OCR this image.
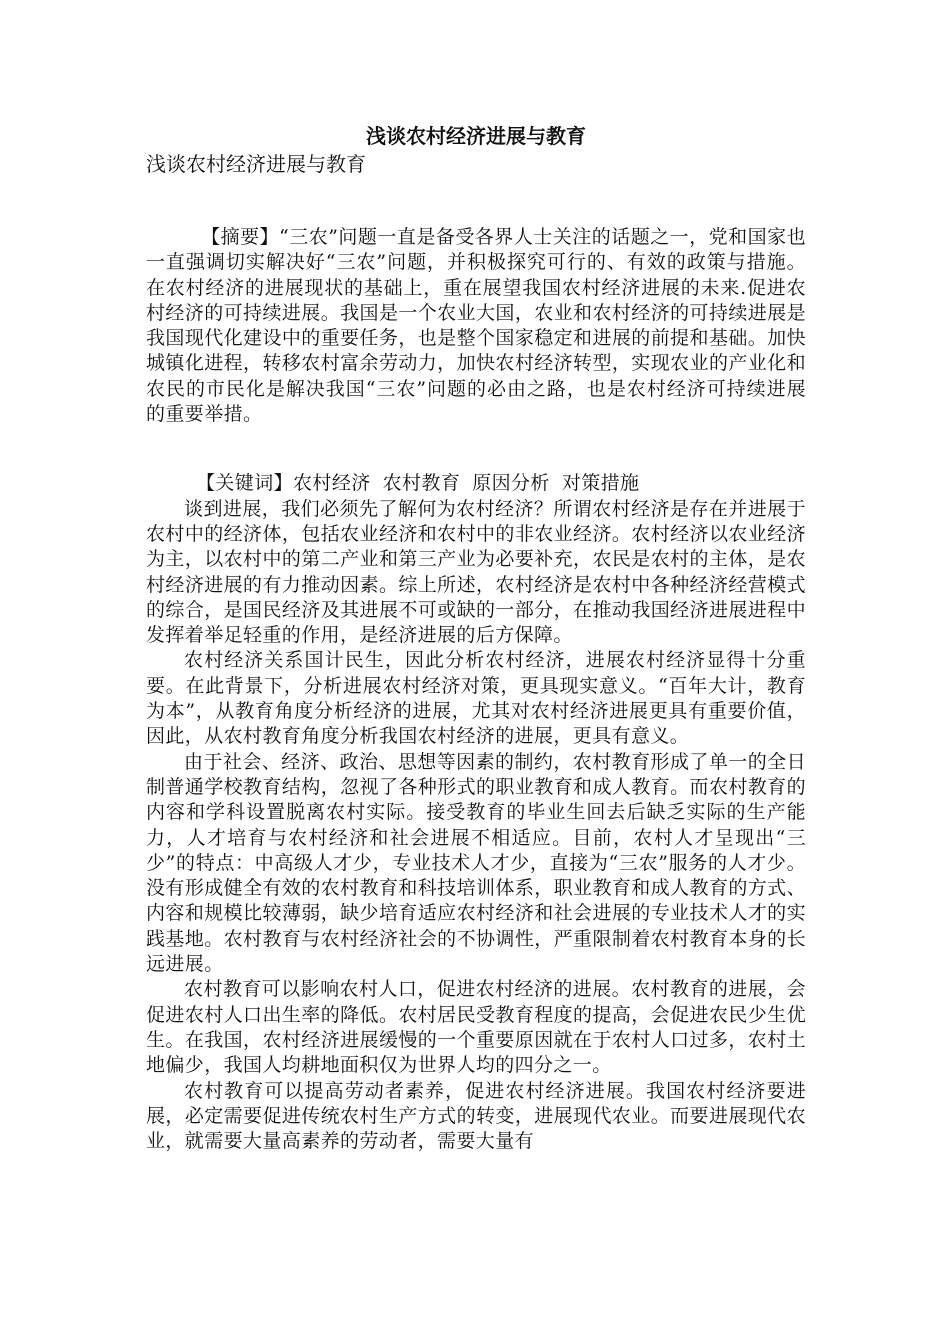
浅谈农村经济进展与教育
浅谈农村经济进展与教育

【摘要】“三农”问题一直是备受各界人士关注的话题之一，党和国家也一直强调切实解决好“三农”问题，并积极探究可行的、有效的政策与措施。在农村经济的进展现状的基础上，重在展望我国农村经济进展的未来.促进农村经济的可持续进展。我国是一个农业大国，农业和农村经济的可持续进展是我国现代化建设中的重要任务，也是整个国家稳定和进展的前提和基础。加快城镇化进程，转移农村富余劳动力，加快农村经济转型，实现农业的产业化和农民的市民化是解决我国“三农”问题的必由之路，也是农村经济可持续进展的重要举措。

【关键词】农村经济 农村教育 原因分析 对策措施

谈到进展，我们必须先了解何为农村经济？所谓农村经济是存在并进展于农村中的经济体，包括农业经济和农村中的非农业经济。农村经济以农业经济为主，以农村中的第二产业和第三产业为必要补充，农民是农村的主体，是农村经济进展的有力推动因素。综上所述，农村经济是农村中各种经济经营模式的综合，是国民经济及其进展不可或缺的一部分，在推动我国经济进展进程中发挥着举足轻重的作用，是经济进展的后方保障。

农村经济关系国计民生，因此分析农村经济，进展农村经济显得十分重要。在此背景下，分析进展农村经济对策，更具现实意义。“百年大计，教育为本”，从教育角度分析经济的进展，尤其对农村经济进展更具有重要价值，因此，从农村教育角度分析我国农村经济的进展，更具有意义。

由于社会、经济、政治、思想等因素的制约，农村教育形成了单一的全日制普通学校教育结构，忽视了各种形式的职业教育和成人教育。而农村教育的内容和学科设置脱离农村实际。接受教育的毕业生回去后缺乏实际的生产能力，人才培育与农村经济和社会进展不相适应。目前，农村人才呈现出“三少”的特点：中高级人才少，专业技术人才少，直接为“三农”服务的人才少。没有形成健全有效的农村教育和科技培训体系，职业教育和成人教育的方式、内容和规模比较薄弱，缺少培育适应农村经济和社会进展的专业技术人才的实践基地。农村教育与农村经济社会的不协调性，严重限制着农村教育本身的长远进展。

农村教育可以影响农村人口，促进农村经济的进展。农村教育的进展，会促进农村人口出生率的降低。农村居民受教育程度的提高，会促进农民少生优生。在我国，农村经济进展缓慢的一个重要原因就在于农村人口过多，农村土地偏少，我国人均耕地面积仅为世界人均的四分之一。

农村教育可以提高劳动者素养，促进农村经济进展。我国农村经济要进展，必定需要促进传统农村生产方式的转变，进展现代农业。而要进展现代农业，就需要大量高素养的劳动者，需要大量有
